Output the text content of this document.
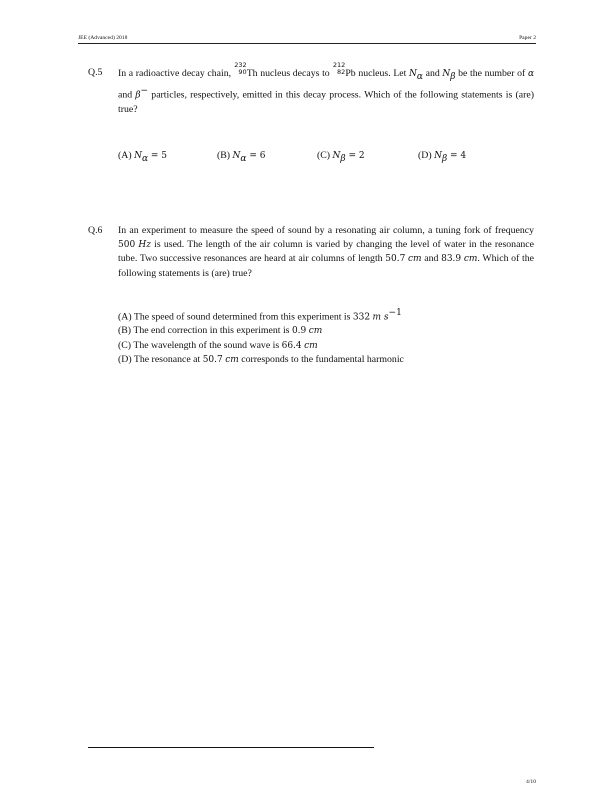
JEE (Advanced) 2018	Paper 2
Q.5	In a radioactive decay chain,
232
90 Th nucleus decays to
212
82 Pb nucleus. Let $N_\alpha$ and $N_\beta$ be the number of α and β− particles, respectively, emitted in this decay process. Which of the following statements is (are) true?
(A) $N_\alpha = 5$	(B) $N_\alpha = 6$	(C) $N_\beta = 2$	(D) $N_\beta = 4$
Q.6	In an experiment to measure the speed of sound by a resonating air column, a tuning fork of frequency 500 Hz is used. The length of the air column is varied by changing the level of water in the resonance tube. Two successive resonances are heard at air columns of length 50.7 cm and 83.9 cm. Which of the following statements is (are) true?
(A) The speed of sound determined from this experiment is 332 m $s^{-1}$
(B) The end correction in this experiment is 0.9 cm
(C) The wavelength of the sound wave is 66.4 cm
(D) The resonance at 50.7 cm corresponds to the fundamental harmonic
4/10
